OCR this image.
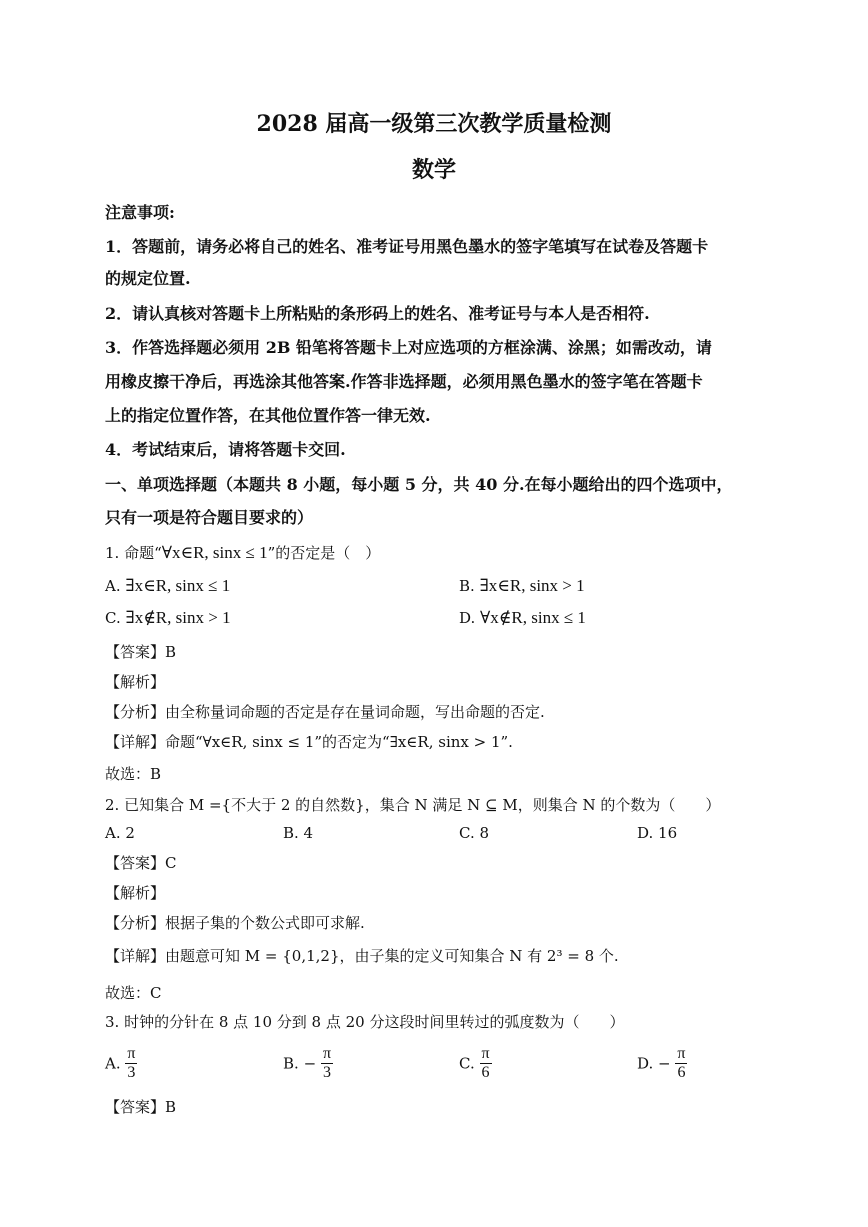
2028 届高一级第三次教学质量检测
数学
注意事项:
1．答题前，请务必将自己的姓名、准考证号用黑色墨水的签字笔填写在试卷及答题卡
的规定位置.
2．请认真核对答题卡上所粘贴的条形码上的姓名、准考证号与本人是否相符.
3．作答选择题必须用 2B 铅笔将答题卡上对应选项的方框涂满、涂黑；如需改动，请
用橡皮擦干净后，再选涂其他答案.作答非选择题，必须用黑色墨水的签字笔在答题卡
上的指定位置作答，在其他位置作答一律无效.
4．考试结束后，请将答题卡交回.
一、单项选择题（本题共 8 小题，每小题 5 分，共 40 分.在每小题给出的四个选项中，
只有一项是符合题目要求的）
1. 命题“∀x∈R, sinx ≤ 1”的否定是（　）
A. ∃x∈R, sinx ≤ 1	B. ∃x∈R, sinx > 1
C. ∃x∉R, sinx > 1	D. ∀x∉R, sinx ≤ 1
【答案】B
【解析】
【分析】由全称量词命题的否定是存在量词命题，写出命题的否定.
【详解】命题“∀x∈R, sinx ≤ 1”的否定为“∃x∈R, sinx > 1”.
故选：B
2. 已知集合 M ={不大于 2 的自然数}，集合 N 满足 N ⊆ M，则集合 N 的个数为（　　）
A. 2	B. 4	C. 8	D. 16
【答案】C
【解析】
【分析】根据子集的个数公式即可求解.
【详解】由题意可知 M = {0,1,2}，由子集的定义可知集合 N 有 2³ = 8 个.
故选：C
3. 时钟的分针在 8 点 10 分到 8 点 20 分这段时间里转过的弧度数为（　　）
A. $\frac{\pi}{3}$	B. − $\frac{\pi}{3}$	C. $\frac{\pi}{6}$	D. − $\frac{\pi}{6}$
【答案】B
